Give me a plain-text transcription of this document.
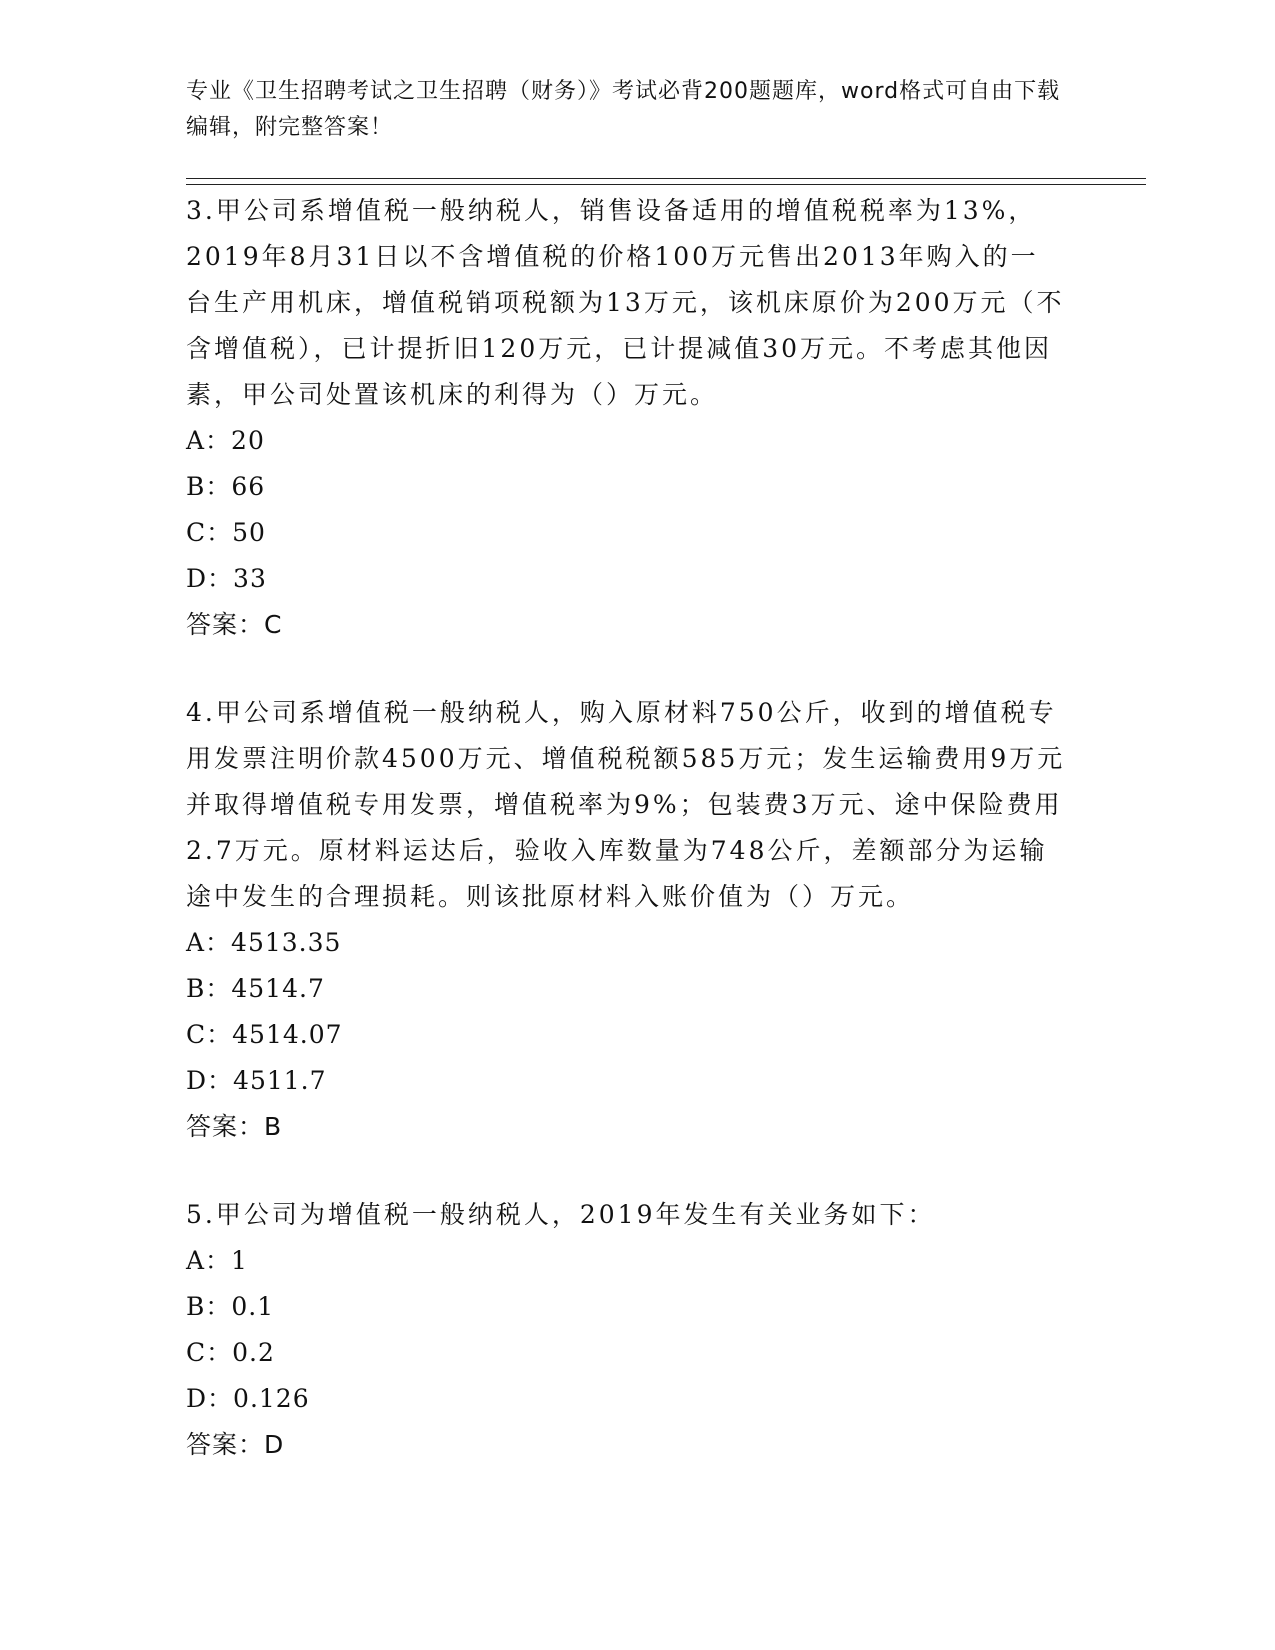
专业《卫生招聘考试之卫生招聘（财务）》考试必背200题题库，word格式可自由下载编辑，附完整答案！
3.甲公司系增值税一般纳税人，销售设备适用的增值税税率为13%，2019年8月31日以不含增值税的价格100万元售出2013年购入的一台生产用机床，增值税销项税额为13万元，该机床原价为200万元（不含增值税），已计提折旧120万元，已计提减值30万元。不考虑其他因素，甲公司处置该机床的利得为（）万元。
A：20
B：66
C：50
D：33
答案：C
4.甲公司系增值税一般纳税人，购入原材料750公斤，收到的增值税专用发票注明价款4500万元、增值税税额585万元；发生运输费用9万元并取得增值税专用发票，增值税率为9%；包装费3万元、途中保险费用2.7万元。原材料运达后，验收入库数量为748公斤，差额部分为运输途中发生的合理损耗。则该批原材料入账价值为（）万元。
A：4513.35
B：4514.7
C：4514.07
D：4511.7
答案：B
5.甲公司为增值税一般纳税人，2019年发生有关业务如下：
A：1
B：0.1
C：0.2
D：0.126
答案：D
